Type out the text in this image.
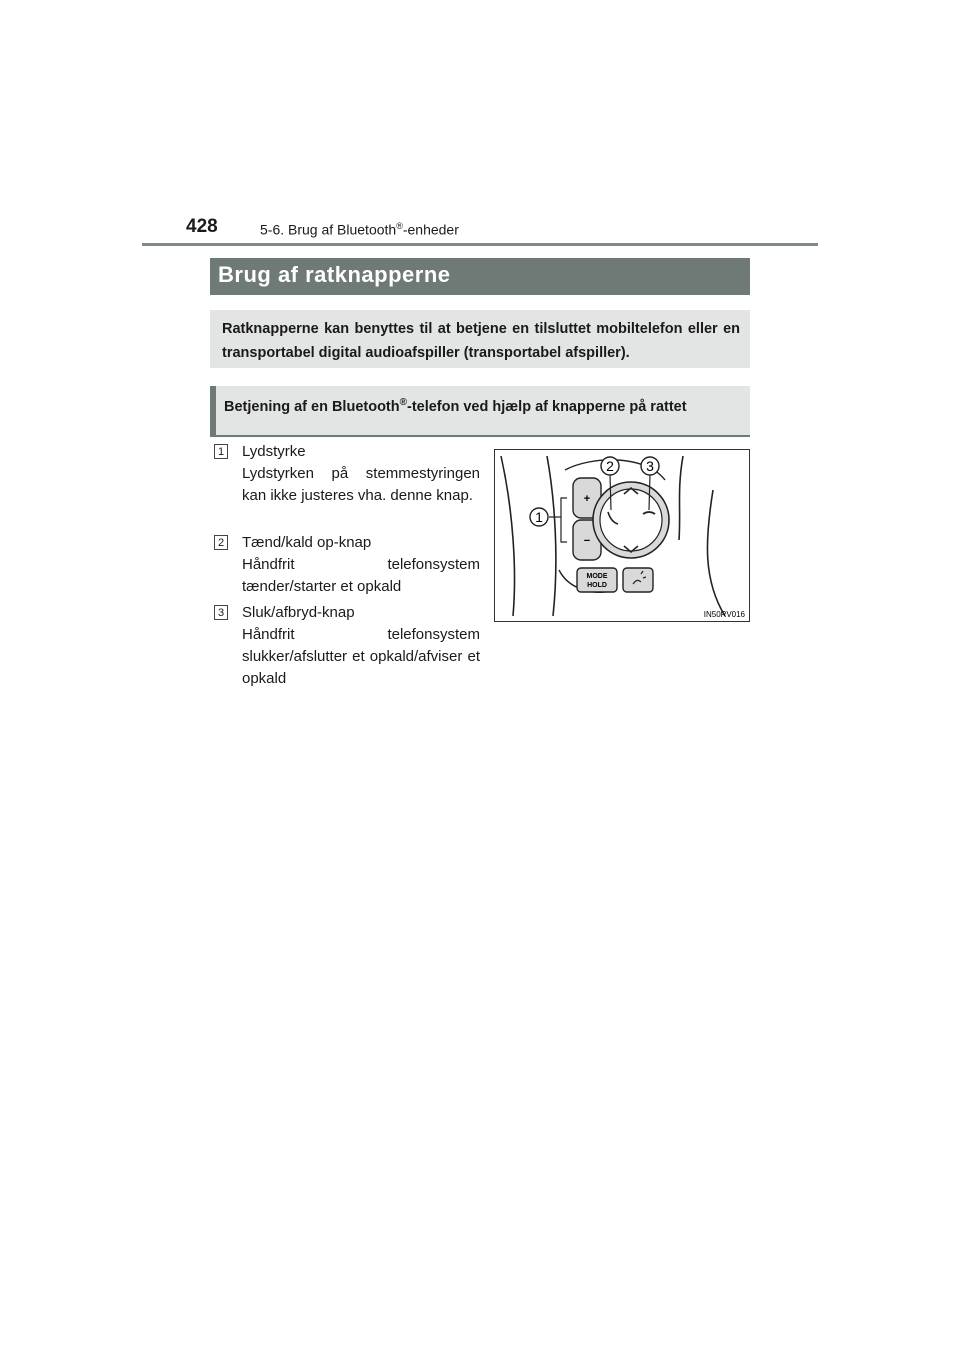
428	5-6. Brug af Bluetooth®-enheder
Brug af ratknapperne
Ratknapperne kan benyttes til at betjene en tilsluttet mobiltelefon eller en transportabel digital audioafspiller (transportabel afspiller).
Betjening af en Bluetooth®-telefon ved hjælp af knapperne på rattet
1 Lydstyrke
Lydstyrken på stemmestyringen kan ikke justeres vha. denne knap.
2 Tænd/kald op-knap
Håndfrit telefonsystem tænder/starter et opkald
3 Sluk/afbryd-knap
Håndfrit telefonsystem slukker/afslutter et opkald/afviser et opkald
+
−
1
2 3
MODE
HOLD
IN50RV016
